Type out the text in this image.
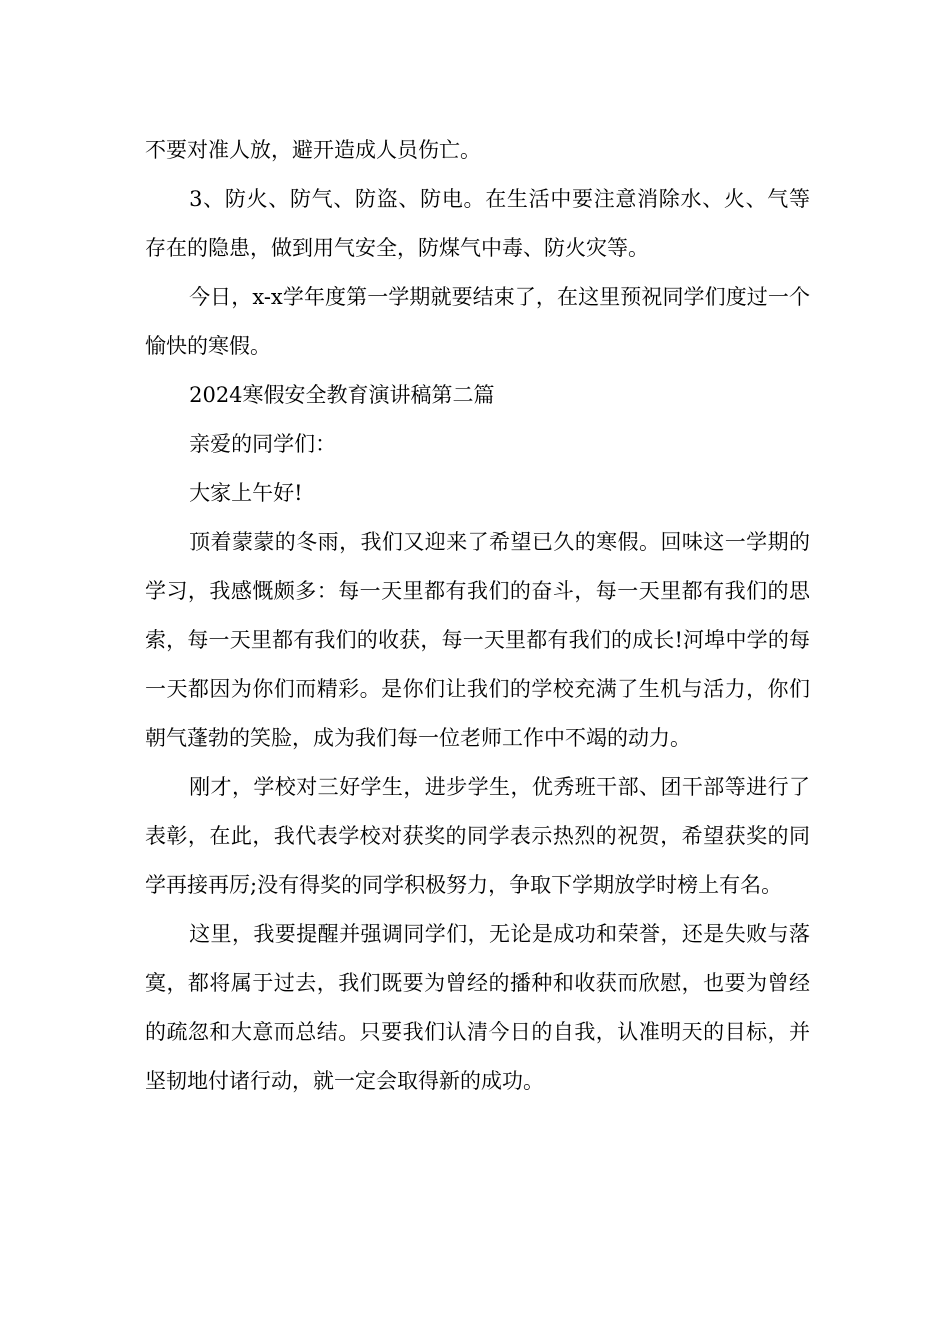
不要对准人放，避开造成人员伤亡。

3、防火、防气、防盗、防电。在生活中要注意消除水、火、气等存在的隐患，做到用气安全，防煤气中毒、防火灾等。

今日，x-x学年度第一学期就要结束了，在这里预祝同学们度过一个愉快的寒假。

2024寒假安全教育演讲稿第二篇

亲爱的同学们：

大家上午好!

顶着蒙蒙的冬雨，我们又迎来了希望已久的寒假。回味这一学期的学习，我感慨颇多：每一天里都有我们的奋斗，每一天里都有我们的思索，每一天里都有我们的收获，每一天里都有我们的成长!河埠中学的每一天都因为你们而精彩。是你们让我们的学校充满了生机与活力，你们朝气蓬勃的笑脸，成为我们每一位老师工作中不竭的动力。

刚才，学校对三好学生，进步学生，优秀班干部、团干部等进行了表彰，在此，我代表学校对获奖的同学表示热烈的祝贺，希望获奖的同学再接再厉;没有得奖的同学积极努力，争取下学期放学时榜上有名。

这里，我要提醒并强调同学们，无论是成功和荣誉，还是失败与落寞，都将属于过去，我们既要为曾经的播种和收获而欣慰，也要为曾经的疏忽和大意而总结。只要我们认清今日的自我，认准明天的目标，并坚韧地付诸行动，就一定会取得新的成功。
